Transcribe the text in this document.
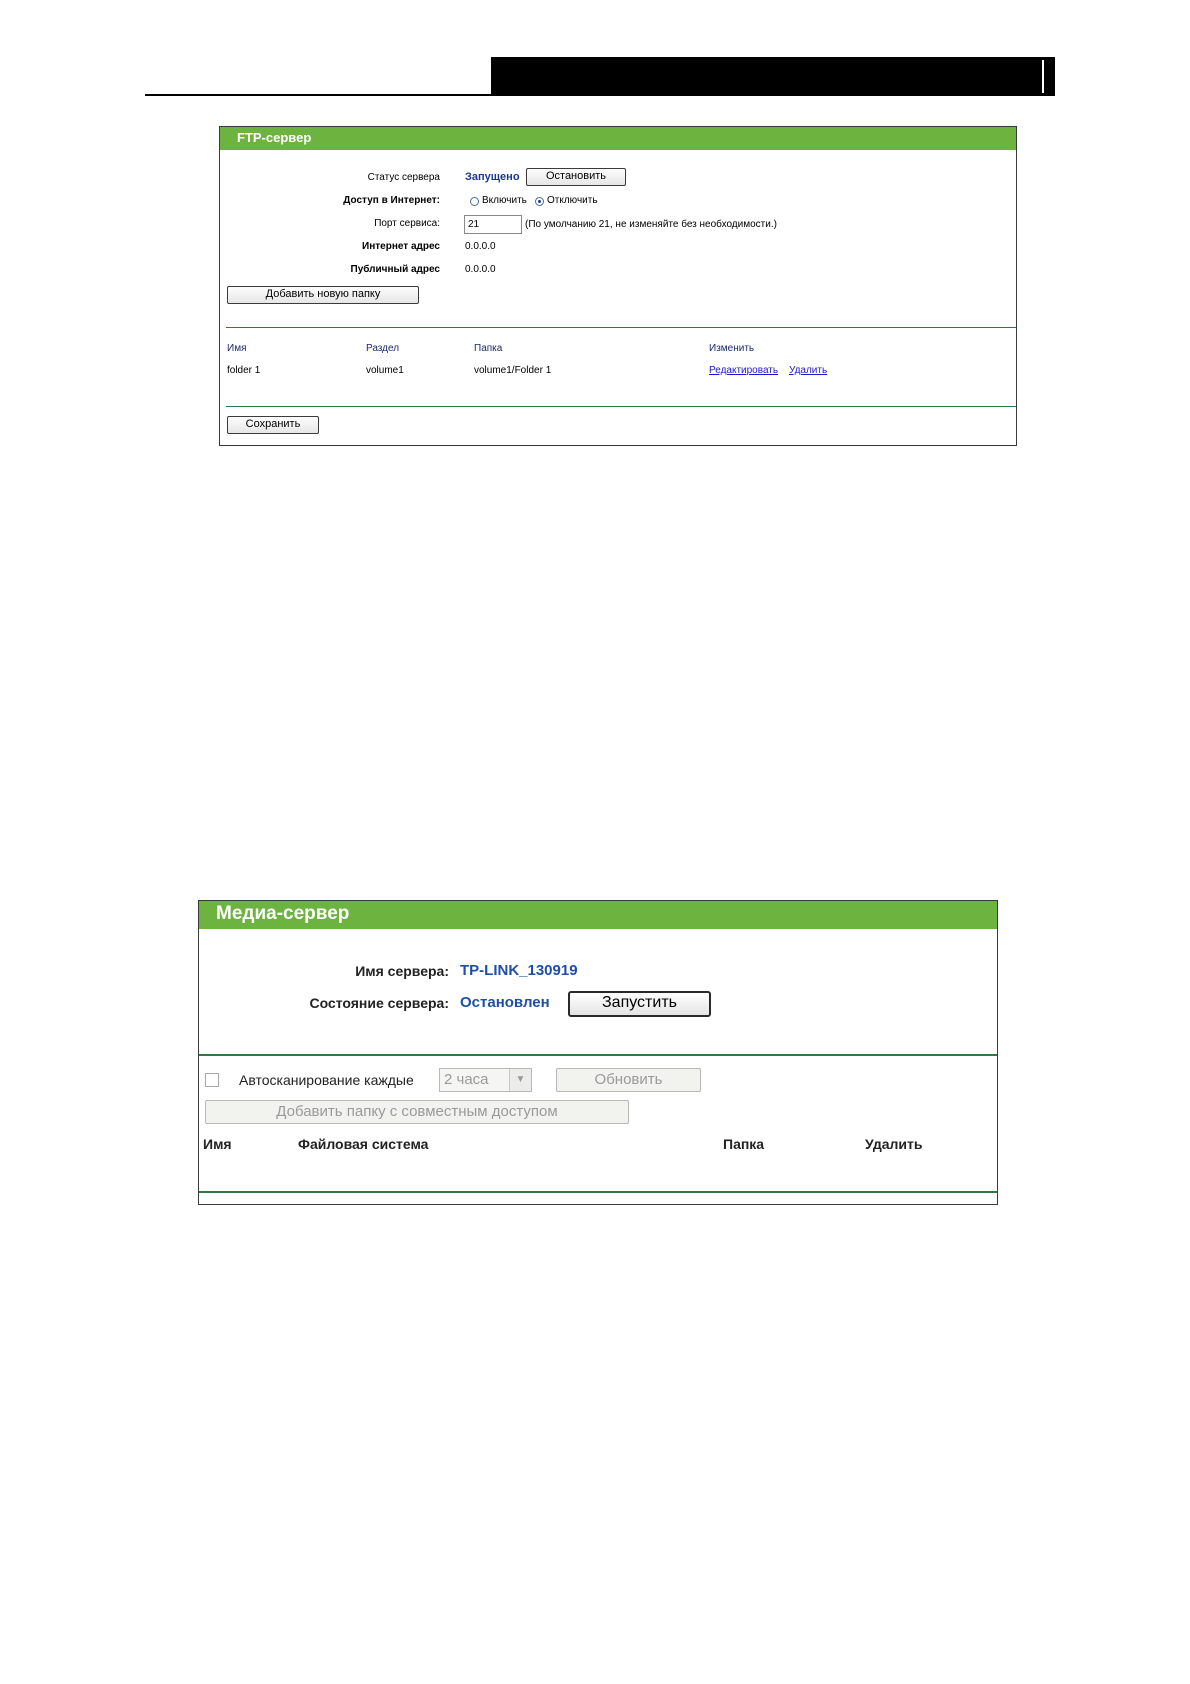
FTP-сервер
Статус сервера Запущено	Остановить
Доступ в Интернет:	Включить Отключить
Порт сервиса:
21	(По умолчанию 21, не изменяйте без необходимости.)
Интернет адрес	0.0.0.0
Публичный адрес	0.0.0.0
Добавить новую папку
Имя	Раздел	Папка	Изменить
folder 1	volume1	volume1/Folder 1	Редактировать Удалить
Сохранить
Медиа-сервер
Имя сервера: TP-LINK_130919
Состояние сервера: Остановлен	Запустить
Автосканирование каждые	2 часа	▼	Обновить
Добавить папку с совместным доступом
Имя	Файловая система	Папка	Удалить
